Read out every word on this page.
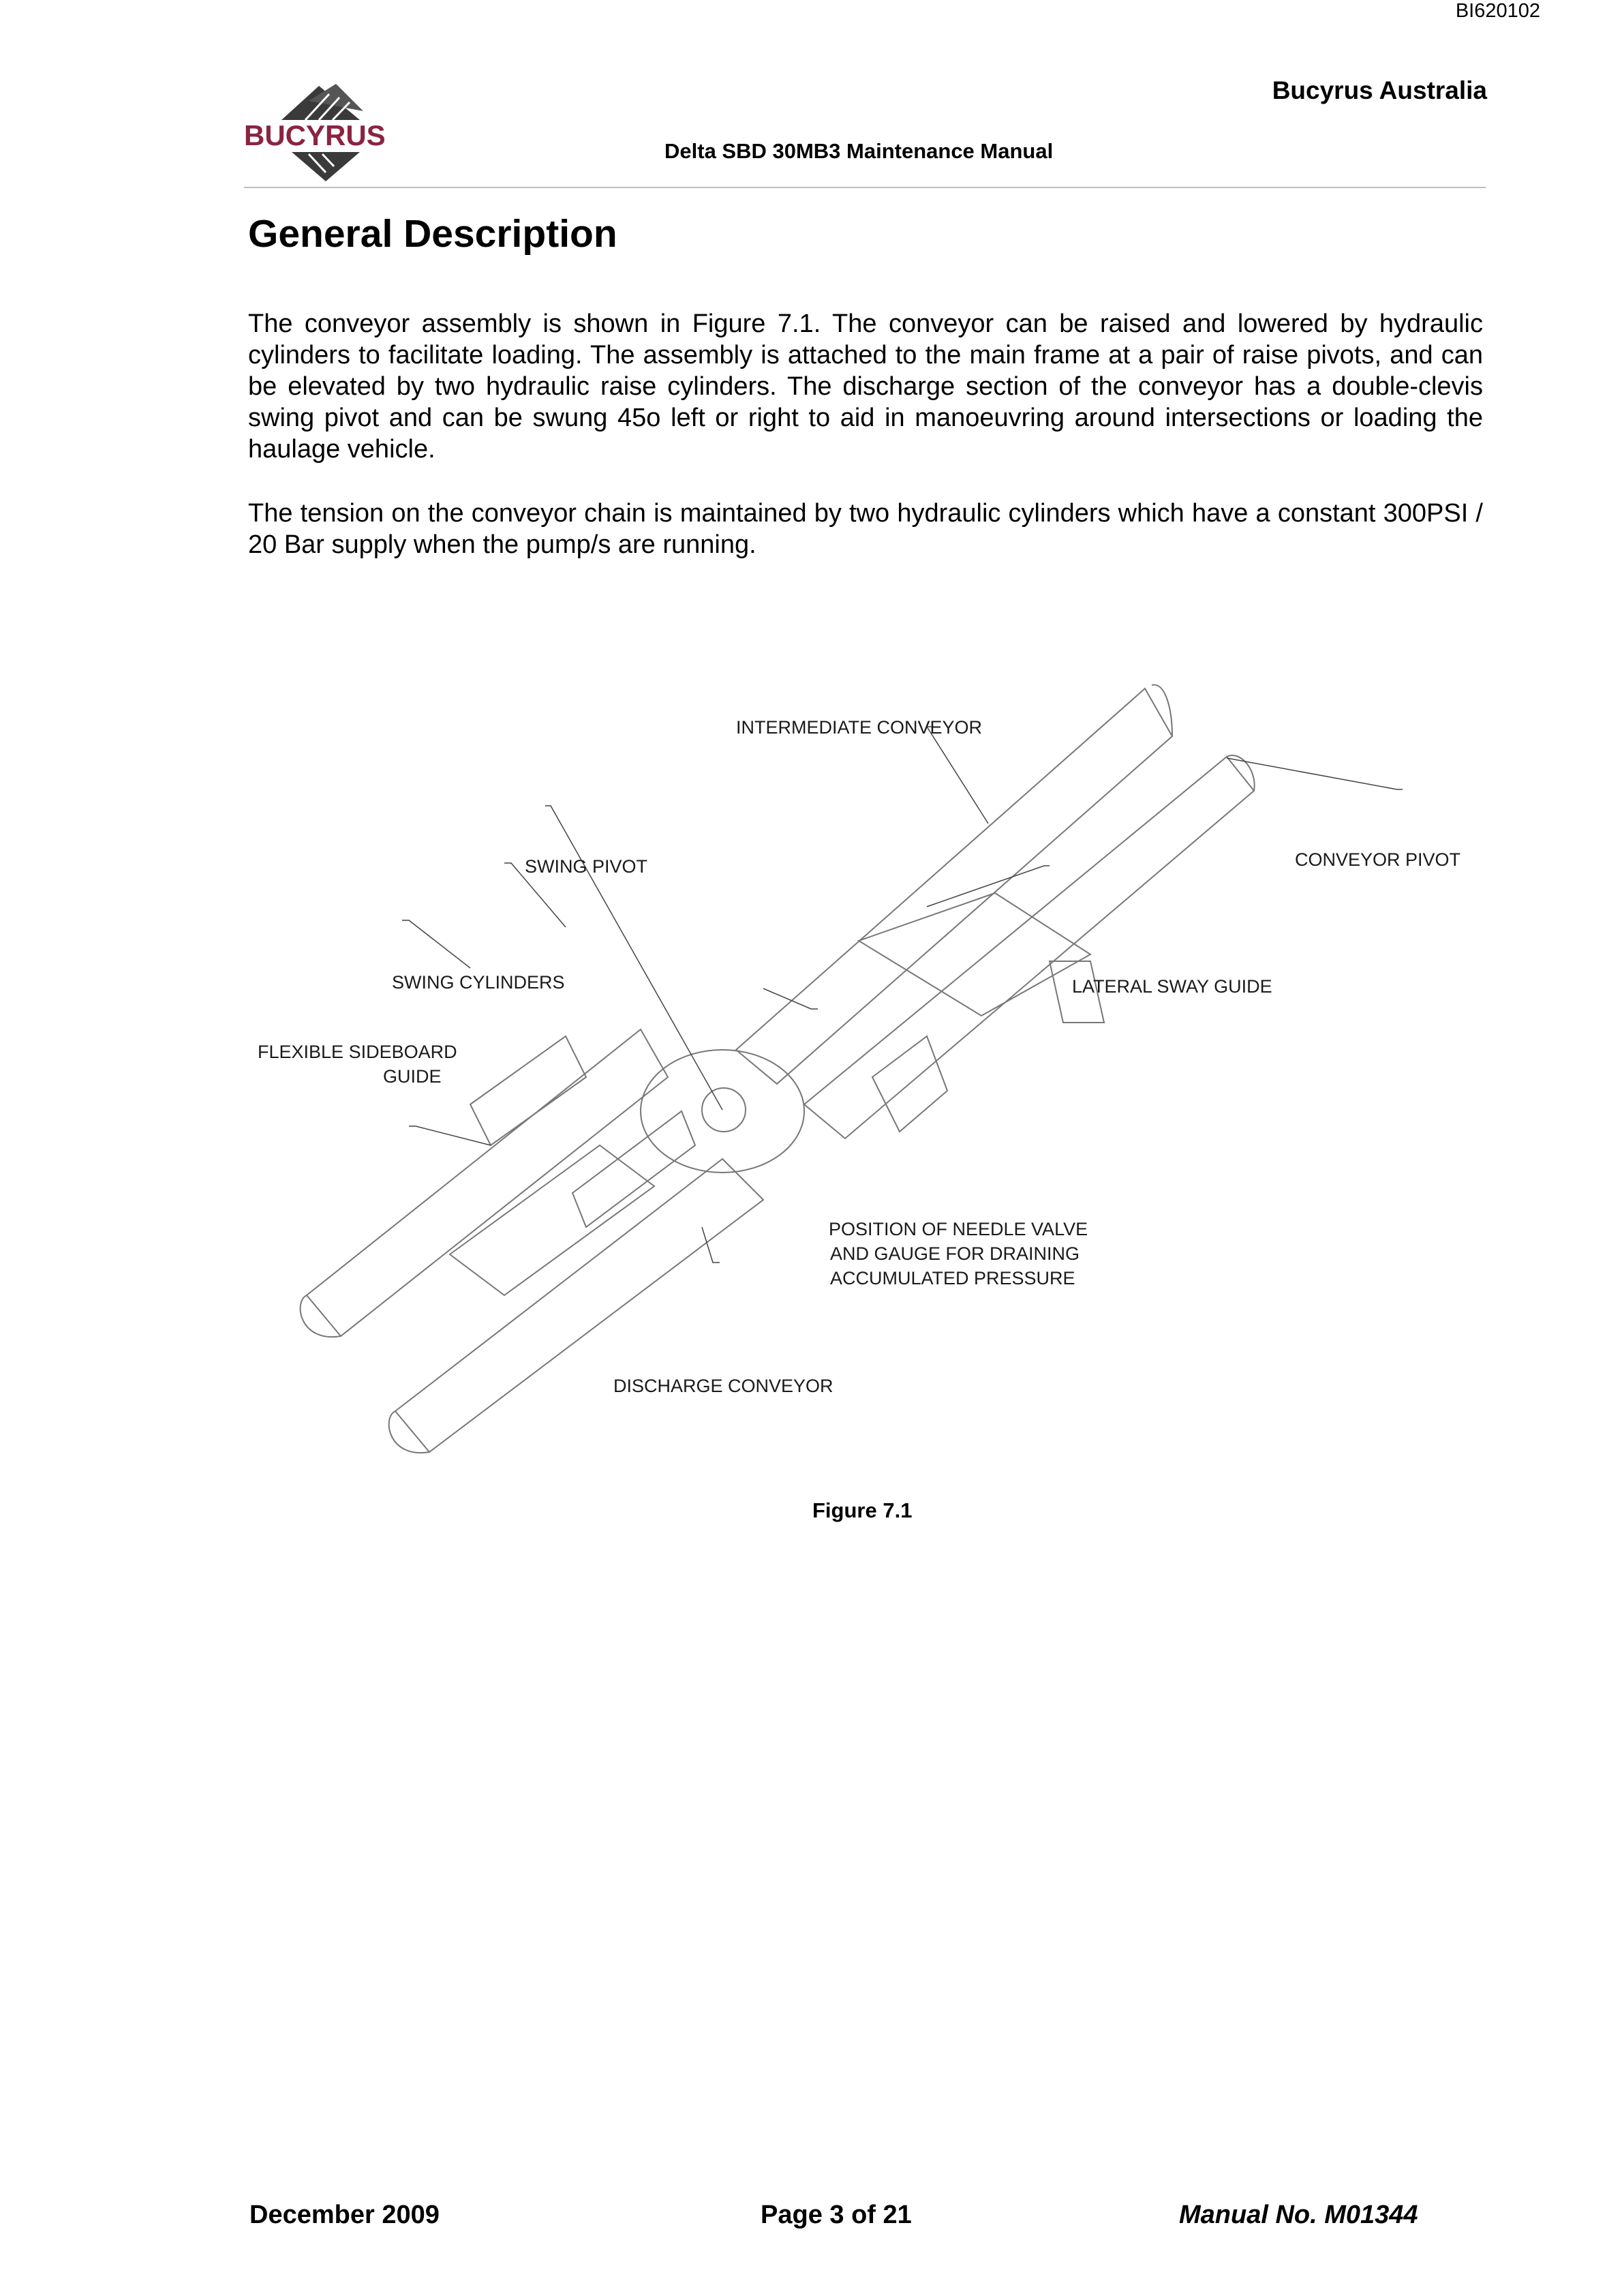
BI620102
BUCYRUS
Bucyrus Australia
Delta SBD 30MB3 Maintenance Manual
General Description
The conveyor assembly is shown in Figure 7.1. The conveyor can be raised and lowered by hydraulic cylinders to facilitate loading. The assembly is attached to the main frame at a pair of raise pivots, and can be elevated by two hydraulic raise cylinders. The discharge section of the conveyor has a double-clevis swing pivot and can be swung 45o left or right to aid in manoeuvring around intersections or loading the haulage vehicle.
The tension on the conveyor chain is maintained by two hydraulic cylinders which have a constant 300PSI / 20 Bar supply when the pump/s are running.
INTERMEDIATE CONVEYOR
CONVEYOR PIVOT
SWING PIVOT
SWING CYLINDERS	LATERAL SWAY GUIDE
FLEXIBLE SIDEBOARD
GUIDE
POSITION OF NEEDLE VALVE
AND GAUGE FOR DRAINING
ACCUMULATED PRESSURE
DISCHARGE CONVEYOR
Figure 7.1
December 2009	Page 3 of 21	Manual No. M01344
